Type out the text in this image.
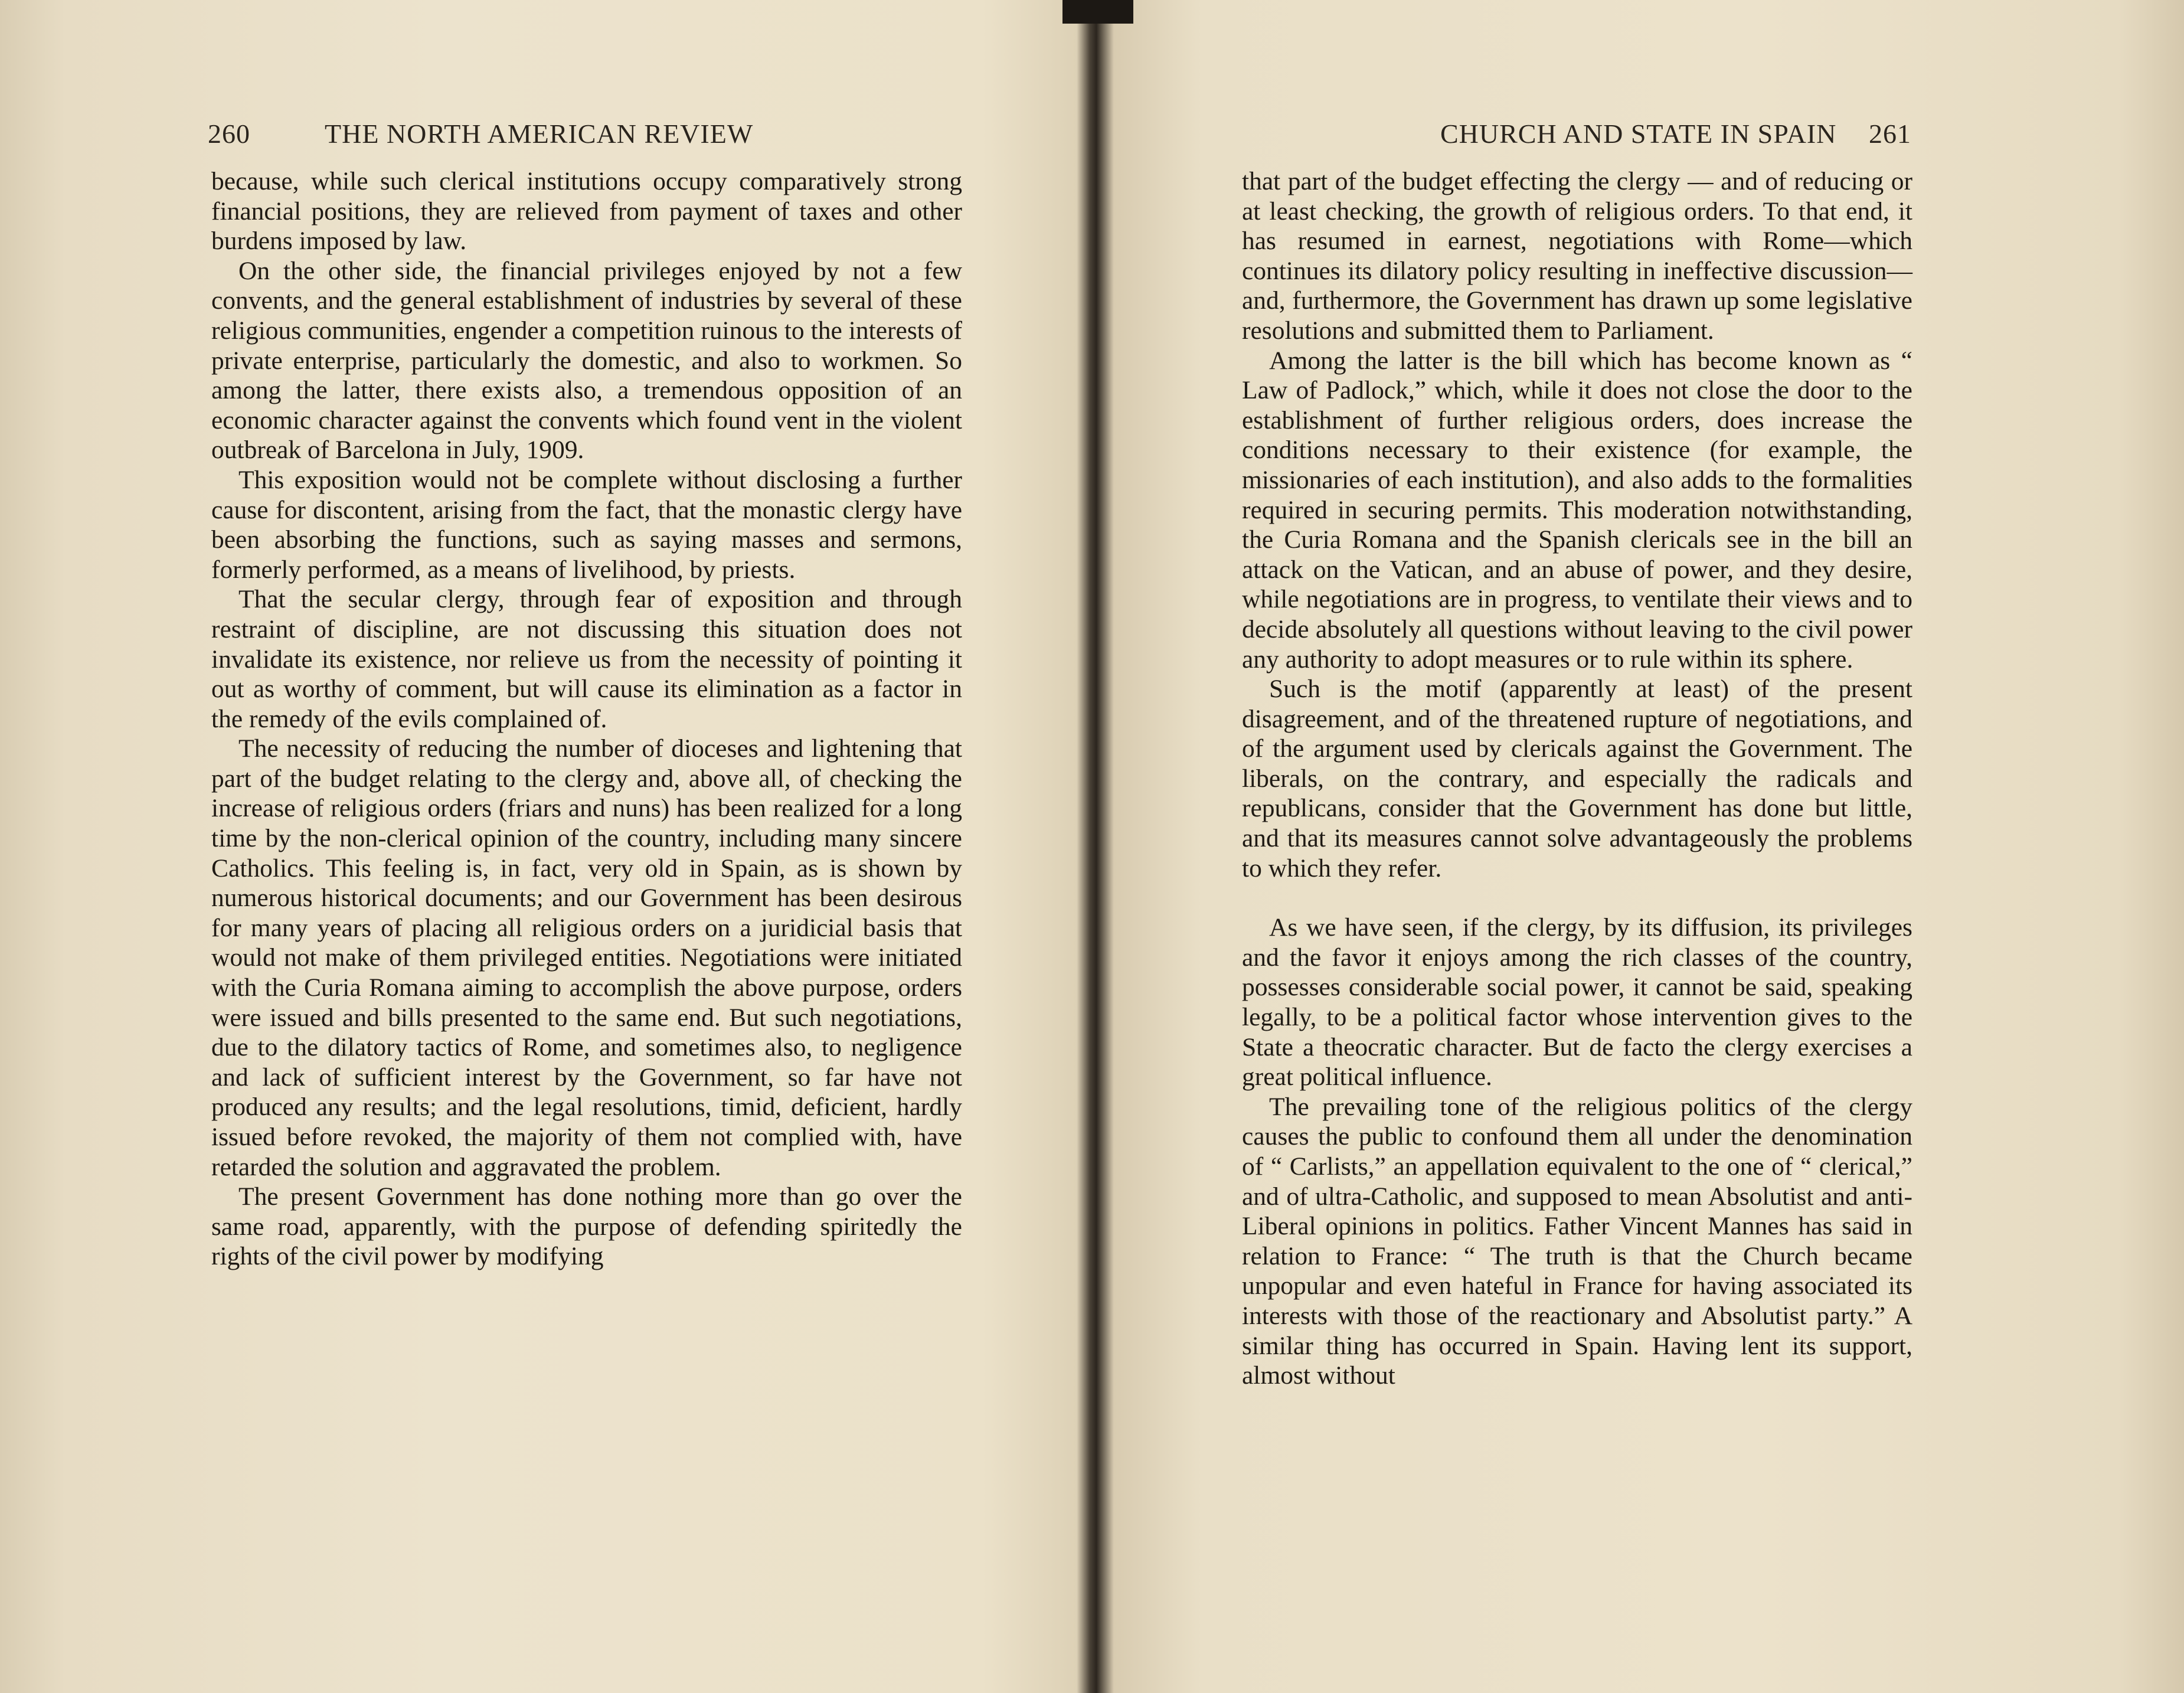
260	THE NORTH AMERICAN REVIEW

because, while such clerical institutions occupy comparatively strong financial positions, they are relieved from payment of taxes and other burdens imposed by law.

On the other side, the financial privileges enjoyed by not a few convents, and the general establishment of industries by several of these religious communities, engender a competition ruinous to the interests of private enterprise, particularly the domestic, and also to workmen. So among the latter, there exists also, a tremendous opposition of an economic character against the convents which found vent in the violent outbreak of Barcelona in July, 1909.

This exposition would not be complete without disclosing a further cause for discontent, arising from the fact, that the monastic clergy have been absorbing the functions, such as saying masses and sermons, formerly performed, as a means of livelihood, by priests.

That the secular clergy, through fear of exposition and through restraint of discipline, are not discussing this situation does not invalidate its existence, nor relieve us from the necessity of pointing it out as worthy of comment, but will cause its elimination as a factor in the remedy of the evils complained of.

The necessity of reducing the number of dioceses and lightening that part of the budget relating to the clergy and, above all, of checking the increase of religious orders (friars and nuns) has been realized for a long time by the non-clerical opinion of the country, including many sincere Catholics. This feeling is, in fact, very old in Spain, as is shown by numerous historical documents; and our Government has been desirous for many years of placing all religious orders on a juridicial basis that would not make of them privileged entities. Negotiations were initiated with the Curia Romana aiming to accomplish the above purpose, orders were issued and bills presented to the same end. But such negotiations, due to the dilatory tactics of Rome, and sometimes also, to negligence and lack of sufficient interest by the Government, so far have not produced any results; and the legal resolutions, timid, deficient, hardly issued before revoked, the majority of them not complied with, have retarded the solution and aggravated the problem.

The present Government has done nothing more than go over the same road, apparently, with the purpose of defending spiritedly the rights of the civil power by modifying

CHURCH AND STATE IN SPAIN 261

that part of the budget effecting the clergy — and of reducing or at least checking, the growth of religious orders. To that end, it has resumed in earnest, negotiations with Rome—which continues its dilatory policy resulting in ineffective discussion—and, furthermore, the Government has drawn up some legislative resolutions and submitted them to Parliament.

Among the latter is the bill which has become known as “ Law of Padlock,” which, while it does not close the door to the establishment of further religious orders, does increase the conditions necessary to their existence (for example, the missionaries of each institution), and also adds to the formalities required in securing permits. This moderation notwithstanding, the Curia Romana and the Spanish clericals see in the bill an attack on the Vatican, and an abuse of power, and they desire, while negotiations are in progress, to ventilate their views and to decide absolutely all questions without leaving to the civil power any authority to adopt measures or to rule within its sphere.

Such is the motif (apparently at least) of the present disagreement, and of the threatened rupture of negotiations, and of the argument used by clericals against the Government. The liberals, on the contrary, and especially the radicals and republicans, consider that the Government has done but little, and that its measures cannot solve advantageously the problems to which they refer.

As we have seen, if the clergy, by its diffusion, its privileges and the favor it enjoys among the rich classes of the country, possesses considerable social power, it cannot be said, speaking legally, to be a political factor whose intervention gives to the State a theocratic character. But de facto the clergy exercises a great political influence.

The prevailing tone of the religious politics of the clergy causes the public to confound them all under the denomination of “ Carlists,” an appellation equivalent to the one of “ clerical,” and of ultra-Catholic, and supposed to mean Absolutist and anti-Liberal opinions in politics. Father Vincent Mannes has said in relation to France: “ The truth is that the Church became unpopular and even hateful in France for having associated its interests with those of the reactionary and Absolutist party.” A similar thing has occurred in Spain. Having lent its support, almost without
